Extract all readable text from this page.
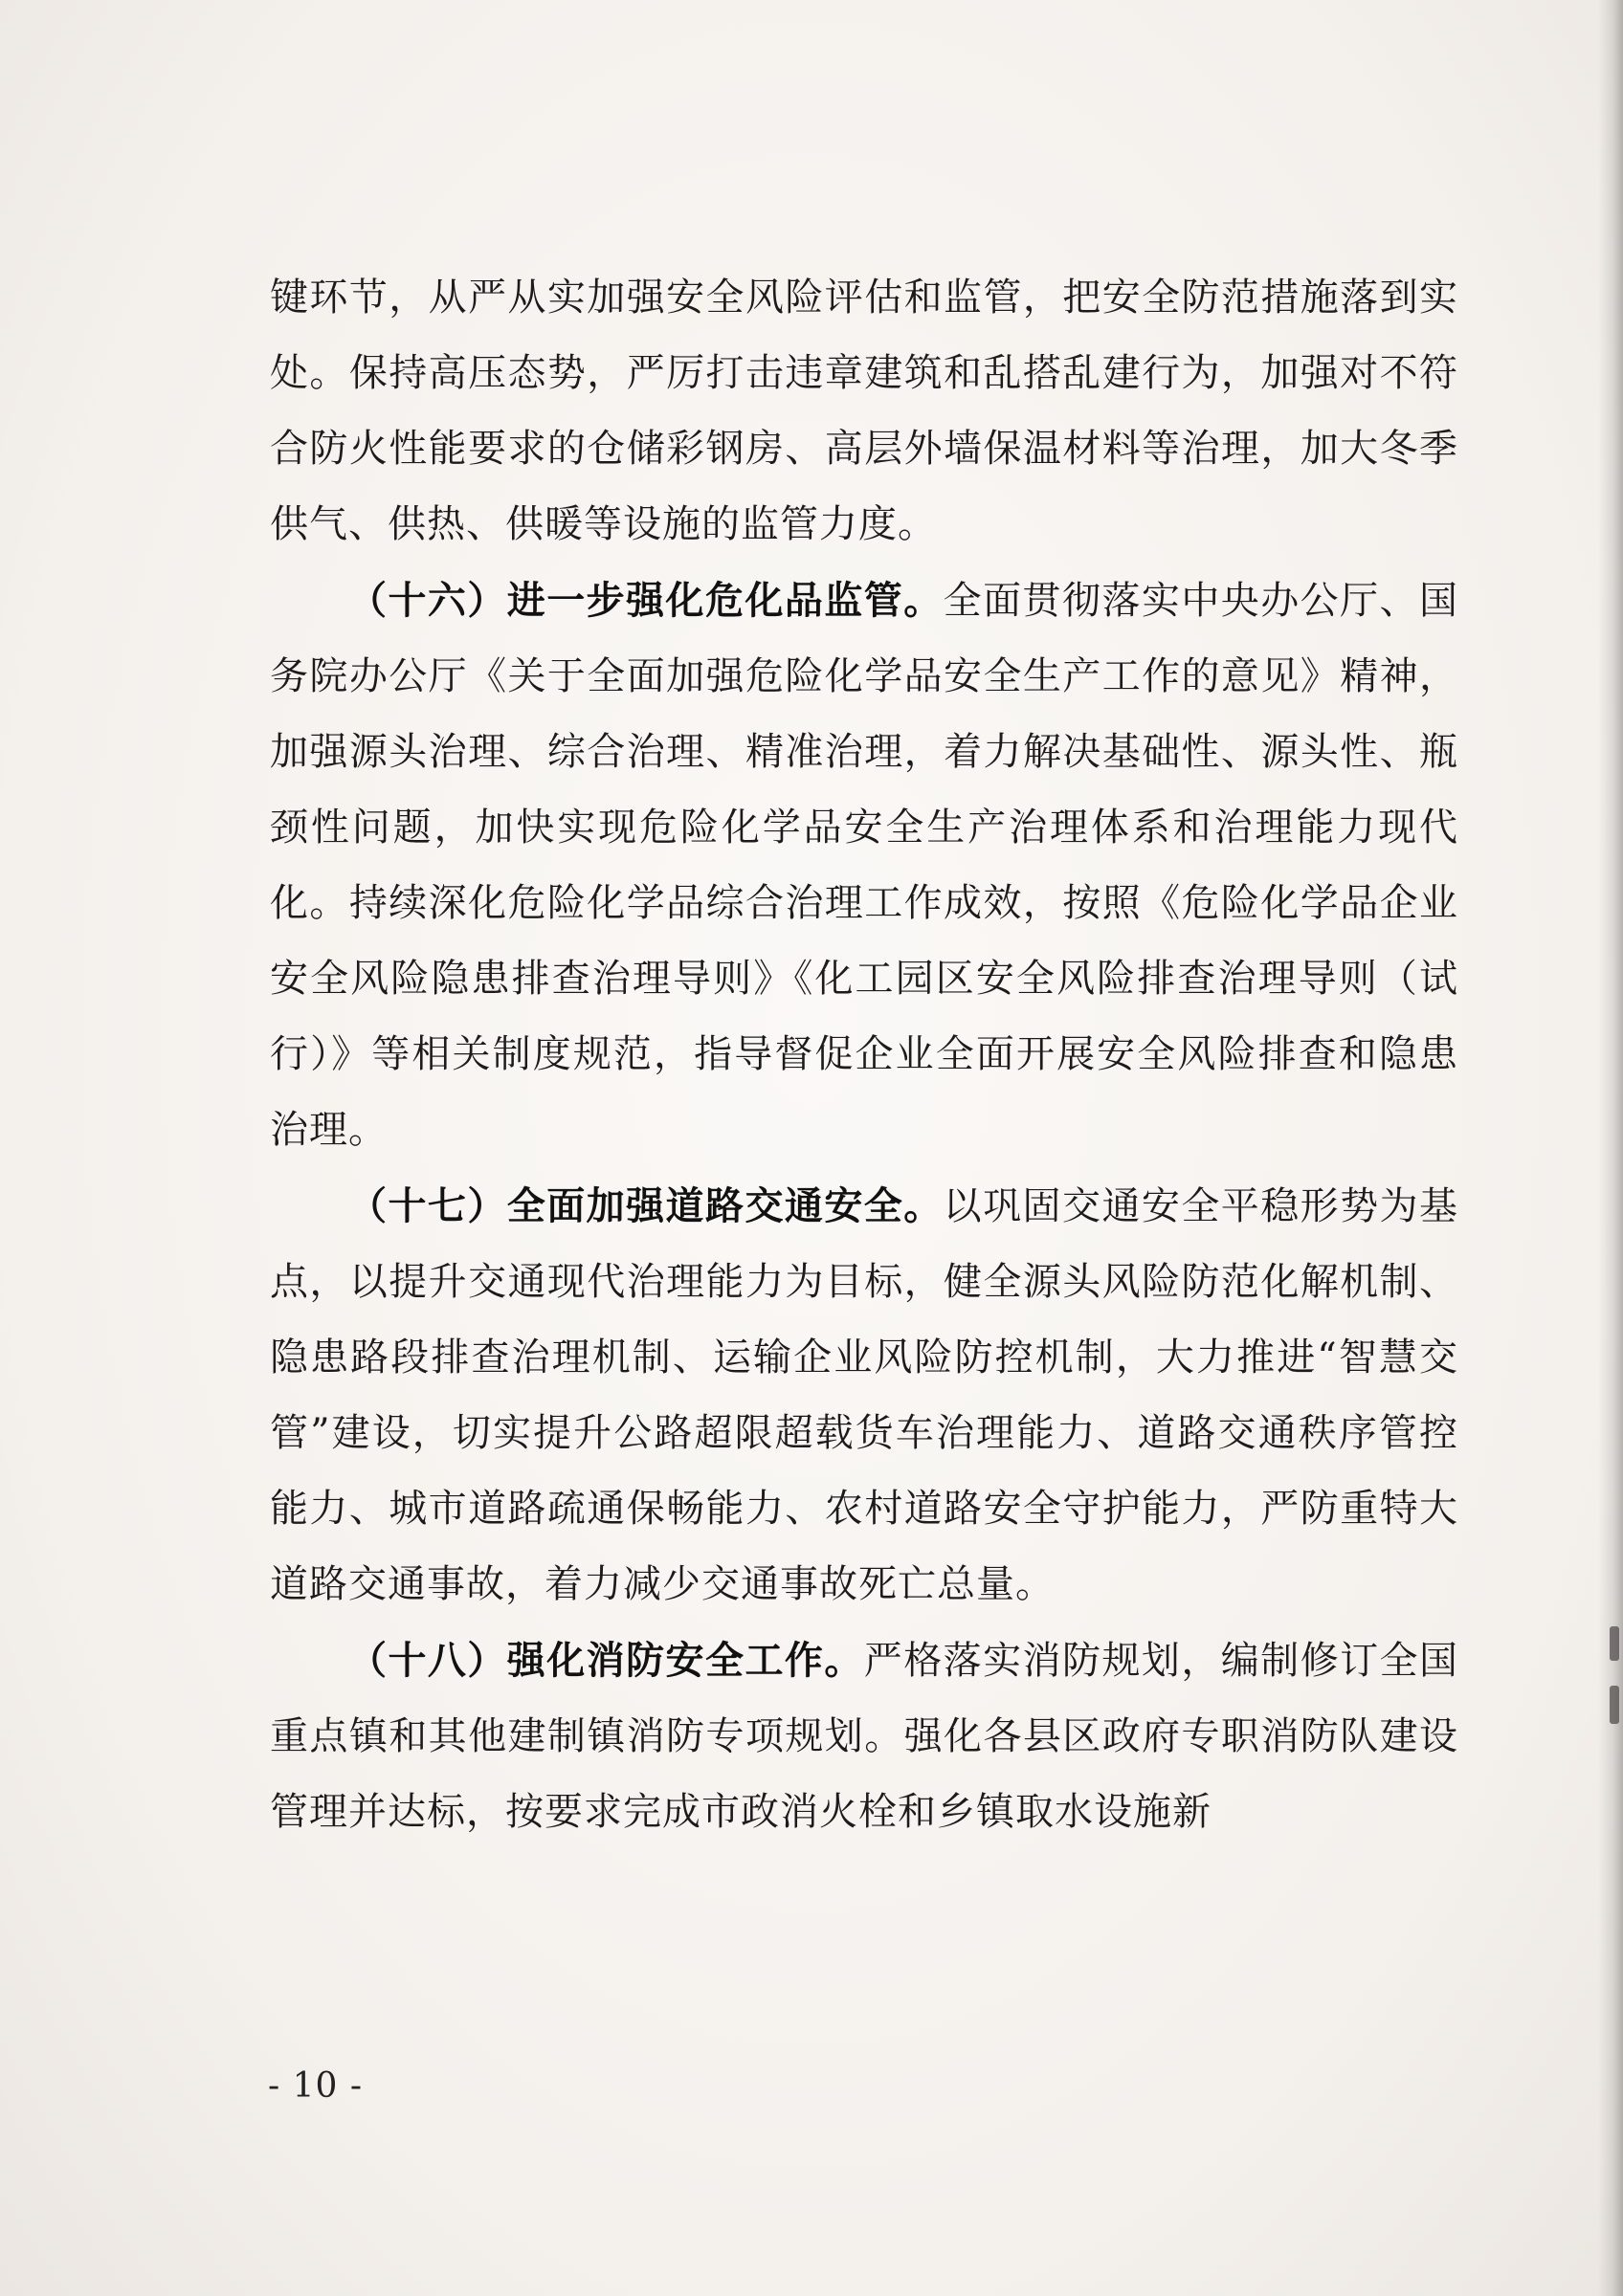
键环节，从严从实加强安全风险评估和监管，把安全防范措施落到实处。保持高压态势，严厉打击违章建筑和乱搭乱建行为，加强对不符合防火性能要求的仓储彩钢房、高层外墙保温材料等治理，加大冬季供气、供热、供暖等设施的监管力度。

（十六）进一步强化危化品监管。全面贯彻落实中央办公厅、国务院办公厅《关于全面加强危险化学品安全生产工作的意见》精神，加强源头治理、综合治理、精准治理，着力解决基础性、源头性、瓶颈性问题，加快实现危险化学品安全生产治理体系和治理能力现代化。持续深化危险化学品综合治理工作成效，按照《危险化学品企业安全风险隐患排查治理导则》《化工园区安全风险排查治理导则（试行）》等相关制度规范，指导督促企业全面开展安全风险排查和隐患治理。

（十七）全面加强道路交通安全。以巩固交通安全平稳形势为基点，以提升交通现代治理能力为目标，健全源头风险防范化解机制、隐患路段排查治理机制、运输企业风险防控机制，大力推进“智慧交管”建设，切实提升公路超限超载货车治理能力、道路交通秩序管控能力、城市道路疏通保畅能力、农村道路安全守护能力，严防重特大道路交通事故，着力减少交通事故死亡总量。

（十八）强化消防安全工作。严格落实消防规划，编制修订全国重点镇和其他建制镇消防专项规划。强化各县区政府专职消防队建设管理并达标，按要求完成市政消火栓和乡镇取水设施新

- 10 -
